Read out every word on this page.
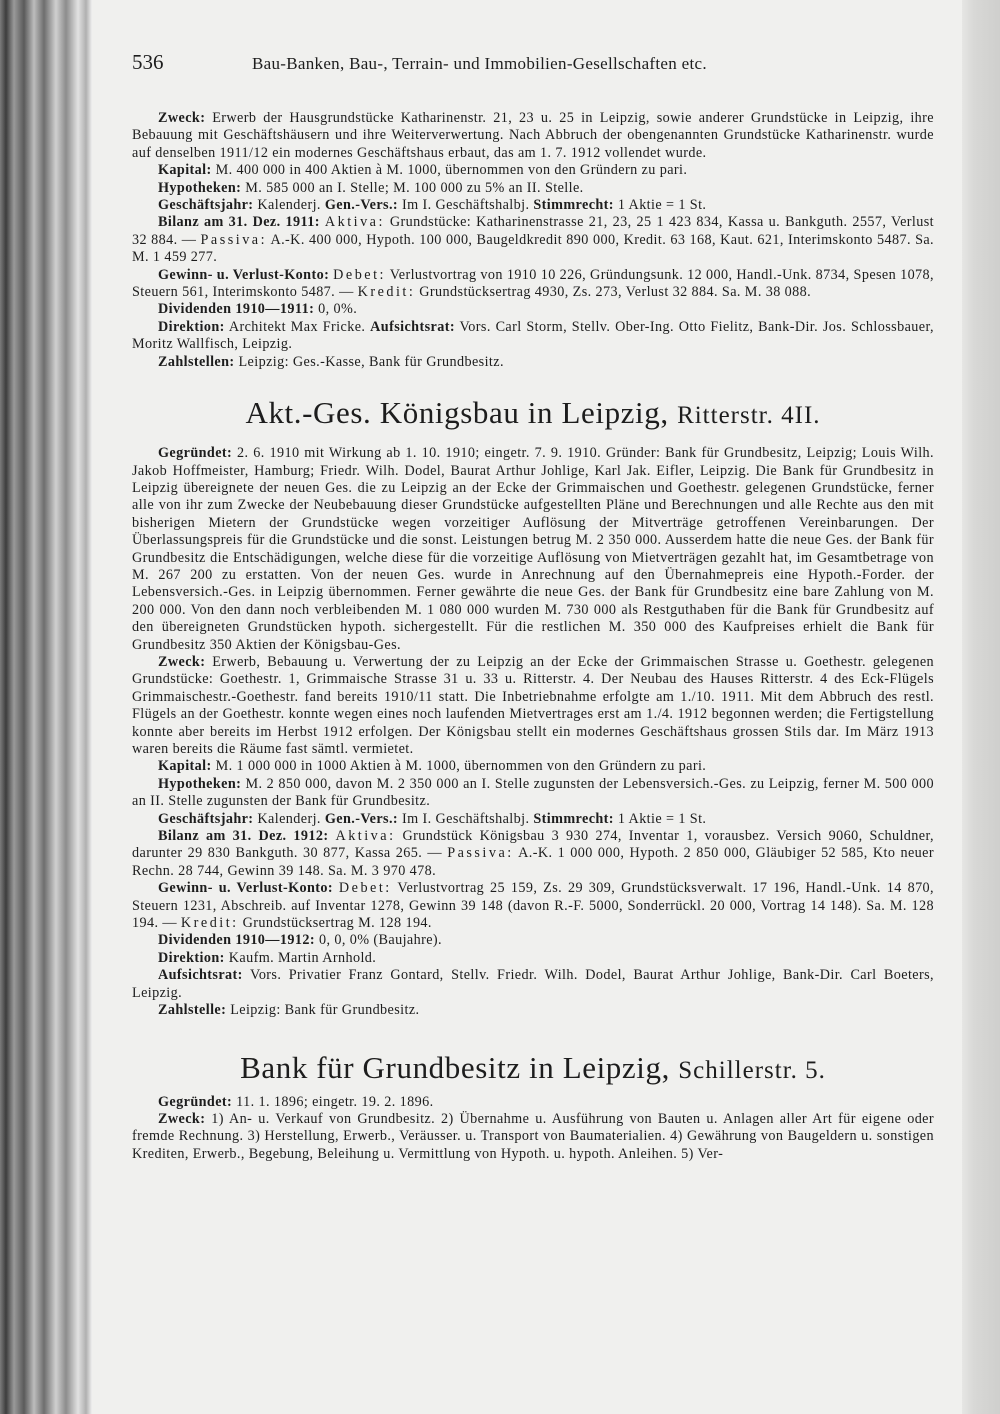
536	Bau-Banken, Bau-, Terrain- und Immobilien-Gesellschaften etc.

Zweck: Erwerb der Hausgrundstücke Katharinenstr. 21, 23 u. 25 in Leipzig, sowie anderer Grundstücke in Leipzig, ihre Bebauung mit Geschäftshäusern und ihre Weiterverwertung. Nach Abbruch der obengenannten Grundstücke Katharinenstr. wurde auf denselben 1911/12 ein modernes Geschäftshaus erbaut, das am 1. 7. 1912 vollendet wurde.

Kapital: M. 400 000 in 400 Aktien à M. 1000, übernommen von den Gründern zu pari.

Hypotheken: M. 585 000 an I. Stelle; M. 100 000 zu 5% an II. Stelle.

Geschäftsjahr: Kalenderj. Gen.-Vers.: Im I. Geschäftshalbj. Stimmrecht: 1 Aktie = 1 St.

Bilanz am 31. Dez. 1911: Aktiva: Grundstücke: Katharinenstrasse 21, 23, 25 1 423 834, Kassa u. Bankguth. 2557, Verlust 32 884. — Passiva: A.-K. 400 000, Hypoth. 100 000, Baugeldkredit 890 000, Kredit. 63 168, Kaut. 621, Interimskonto 5487. Sa. M. 1 459 277.

Gewinn- u. Verlust-Konto: Debet: Verlustvortrag von 1910 10 226, Gründungsunk. 12 000, Handl.-Unk. 8734, Spesen 1078, Steuern 561, Interimskonto 5487. — Kredit: Grundstücksertrag 4930, Zs. 273, Verlust 32 884. Sa. M. 38 088.

Dividenden 1910—1911: 0, 0%.

Direktion: Architekt Max Fricke. Aufsichtsrat: Vors. Carl Storm, Stellv. Ober-Ing. Otto Fielitz, Bank-Dir. Jos. Schlossbauer, Moritz Wallfisch, Leipzig.

Zahlstellen: Leipzig: Ges.-Kasse, Bank für Grundbesitz.

Akt.-Ges. Königsbau in Leipzig, Ritterstr. 4II.

Gegründet: 2. 6. 1910 mit Wirkung ab 1. 10. 1910; eingetr. 7. 9. 1910. Gründer: Bank für Grundbesitz, Leipzig; Louis Wilh. Jakob Hoffmeister, Hamburg; Friedr. Wilh. Dodel, Baurat Arthur Johlige, Karl Jak. Eifler, Leipzig. Die Bank für Grundbesitz in Leipzig übereignete der neuen Ges. die zu Leipzig an der Ecke der Grimmaischen und Goethestr. gelegenen Grundstücke, ferner alle von ihr zum Zwecke der Neubebauung dieser Grundstücke aufgestellten Pläne und Berechnungen und alle Rechte aus den mit bisherigen Mietern der Grundstücke wegen vorzeitiger Auflösung der Mitverträge getroffenen Vereinbarungen. Der Überlassungspreis für die Grundstücke und die sonst. Leistungen betrug M. 2 350 000. Ausserdem hatte die neue Ges. der Bank für Grundbesitz die Entschädigungen, welche diese für die vorzeitige Auflösung von Mietverträgen gezahlt hat, im Gesamtbetrage von M. 267 200 zu erstatten. Von der neuen Ges. wurde in Anrechnung auf den Übernahmepreis eine Hypoth.-Forder. der Lebensversich.-Ges. in Leipzig übernommen. Ferner gewährte die neue Ges. der Bank für Grundbesitz eine bare Zahlung von M. 200 000. Von den dann noch verbleibenden M. 1 080 000 wurden M. 730 000 als Restguthaben für die Bank für Grundbesitz auf den übereigneten Grundstücken hypoth. sichergestellt. Für die restlichen M. 350 000 des Kaufpreises erhielt die Bank für Grundbesitz 350 Aktien der Königsbau-Ges.

Zweck: Erwerb, Bebauung u. Verwertung der zu Leipzig an der Ecke der Grimmaischen Strasse u. Goethestr. gelegenen Grundstücke: Goethestr. 1, Grimmaische Strasse 31 u. 33 u. Ritterstr. 4. Der Neubau des Hauses Ritterstr. 4 des Eck-Flügels Grimmaischestr.-Goethestr. fand bereits 1910/11 statt. Die Inbetriebnahme erfolgte am 1./10. 1911. Mit dem Abbruch des restl. Flügels an der Goethestr. konnte wegen eines noch laufenden Mietvertrages erst am 1./4. 1912 begonnen werden; die Fertigstellung konnte aber bereits im Herbst 1912 erfolgen. Der Königsbau stellt ein modernes Geschäftshaus grossen Stils dar. Im März 1913 waren bereits die Räume fast sämtl. vermietet.

Kapital: M. 1 000 000 in 1000 Aktien à M. 1000, übernommen von den Gründern zu pari.

Hypotheken: M. 2 850 000, davon M. 2 350 000 an I. Stelle zugunsten der Lebensversich.-Ges. zu Leipzig, ferner M. 500 000 an II. Stelle zugunsten der Bank für Grundbesitz.

Geschäftsjahr: Kalenderj. Gen.-Vers.: Im I. Geschäftshalbj. Stimmrecht: 1 Aktie = 1 St.

Bilanz am 31. Dez. 1912: Aktiva: Grundstück Königsbau 3 930 274, Inventar 1, vorausbez. Versich 9060, Schuldner, darunter 29 830 Bankguth. 30 877, Kassa 265. — Passiva: A.-K. 1 000 000, Hypoth. 2 850 000, Gläubiger 52 585, Kto neuer Rechn. 28 744, Gewinn 39 148. Sa. M. 3 970 478.

Gewinn- u. Verlust-Konto: Debet: Verlustvortrag 25 159, Zs. 29 309, Grundstücksverwalt. 17 196, Handl.-Unk. 14 870, Steuern 1231, Abschreib. auf Inventar 1278, Gewinn 39 148 (davon R.-F. 5000, Sonderrückl. 20 000, Vortrag 14 148). Sa. M. 128 194. — Kredit: Grundstücksertrag M. 128 194.

Dividenden 1910—1912: 0, 0, 0% (Baujahre).

Direktion: Kaufm. Martin Arnhold.

Aufsichtsrat: Vors. Privatier Franz Gontard, Stellv. Friedr. Wilh. Dodel, Baurat Arthur Johlige, Bank-Dir. Carl Boeters, Leipzig.

Zahlstelle: Leipzig: Bank für Grundbesitz.

Bank für Grundbesitz in Leipzig, Schillerstr. 5.

Gegründet: 11. 1. 1896; eingetr. 19. 2. 1896.

Zweck: 1) An- u. Verkauf von Grundbesitz. 2) Übernahme u. Ausführung von Bauten u. Anlagen aller Art für eigene oder fremde Rechnung. 3) Herstellung, Erwerb., Veräusser. u. Transport von Baumaterialien. 4) Gewährung von Baugeldern u. sonstigen Krediten, Erwerb., Begebung, Beleihung u. Vermittlung von Hypoth. u. hypoth. Anleihen. 5) Ver-
